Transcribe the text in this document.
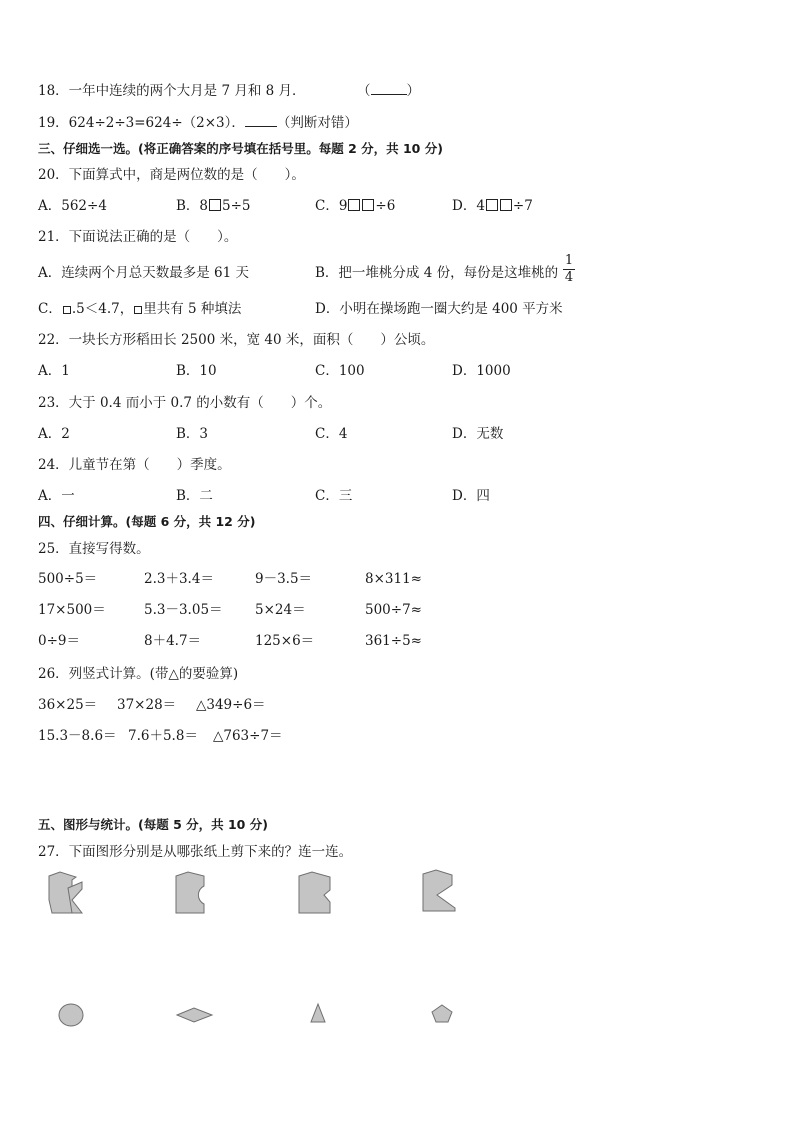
18．一年中连续的两个大月是 7 月和 8 月．	（	）
19．624÷2÷3=624÷（2×3）． （判断对错）
三、仔细选一选。(将正确答案的序号填在括号里。每题 2 分，共 10 分)
20．下面算式中，商是两位数的是（　　）。
A．562÷4	B．8 5÷5	C．9 ÷6	D．4 ÷7
21．下面说法正确的是（　　）。
A．连续两个月总天数最多是 61 天	B．把一堆桃分成 4 份，每份是这堆桃的
1
4
C． .5＜4.7， 里共有 5 种填法	D．小明在操场跑一圈大约是 400 平方米
22．一块长方形稻田长 2500 米，宽 40 米，面积（　　）公顷。
A．1	B．10	C．100	D．1000
23．大于 0.4 而小于 0.7 的小数有（　　）个。
A．2	B．3	C．4	D．无数
24．儿童节在第（　　）季度。
A．一	B．二	C．三	D．四
四、仔细计算。(每题 6 分，共 12 分)
25．直接写得数。
500÷5＝	2.3＋3.4＝	9－3.5＝	8×311≈
17×500＝	5.3－3.05＝ 5×24＝	500÷7≈
0÷9＝	8＋4.7＝	125×6＝	361÷5≈
26．列竖式计算。(带△的要验算)
36×25＝ 37×28＝ △349÷6＝
15.3－8.6＝ 7.6＋5.8＝ △763÷7＝
五、图形与统计。(每题 5 分，共 10 分)
27．下面图形分别是从哪张纸上剪下来的？连一连。
